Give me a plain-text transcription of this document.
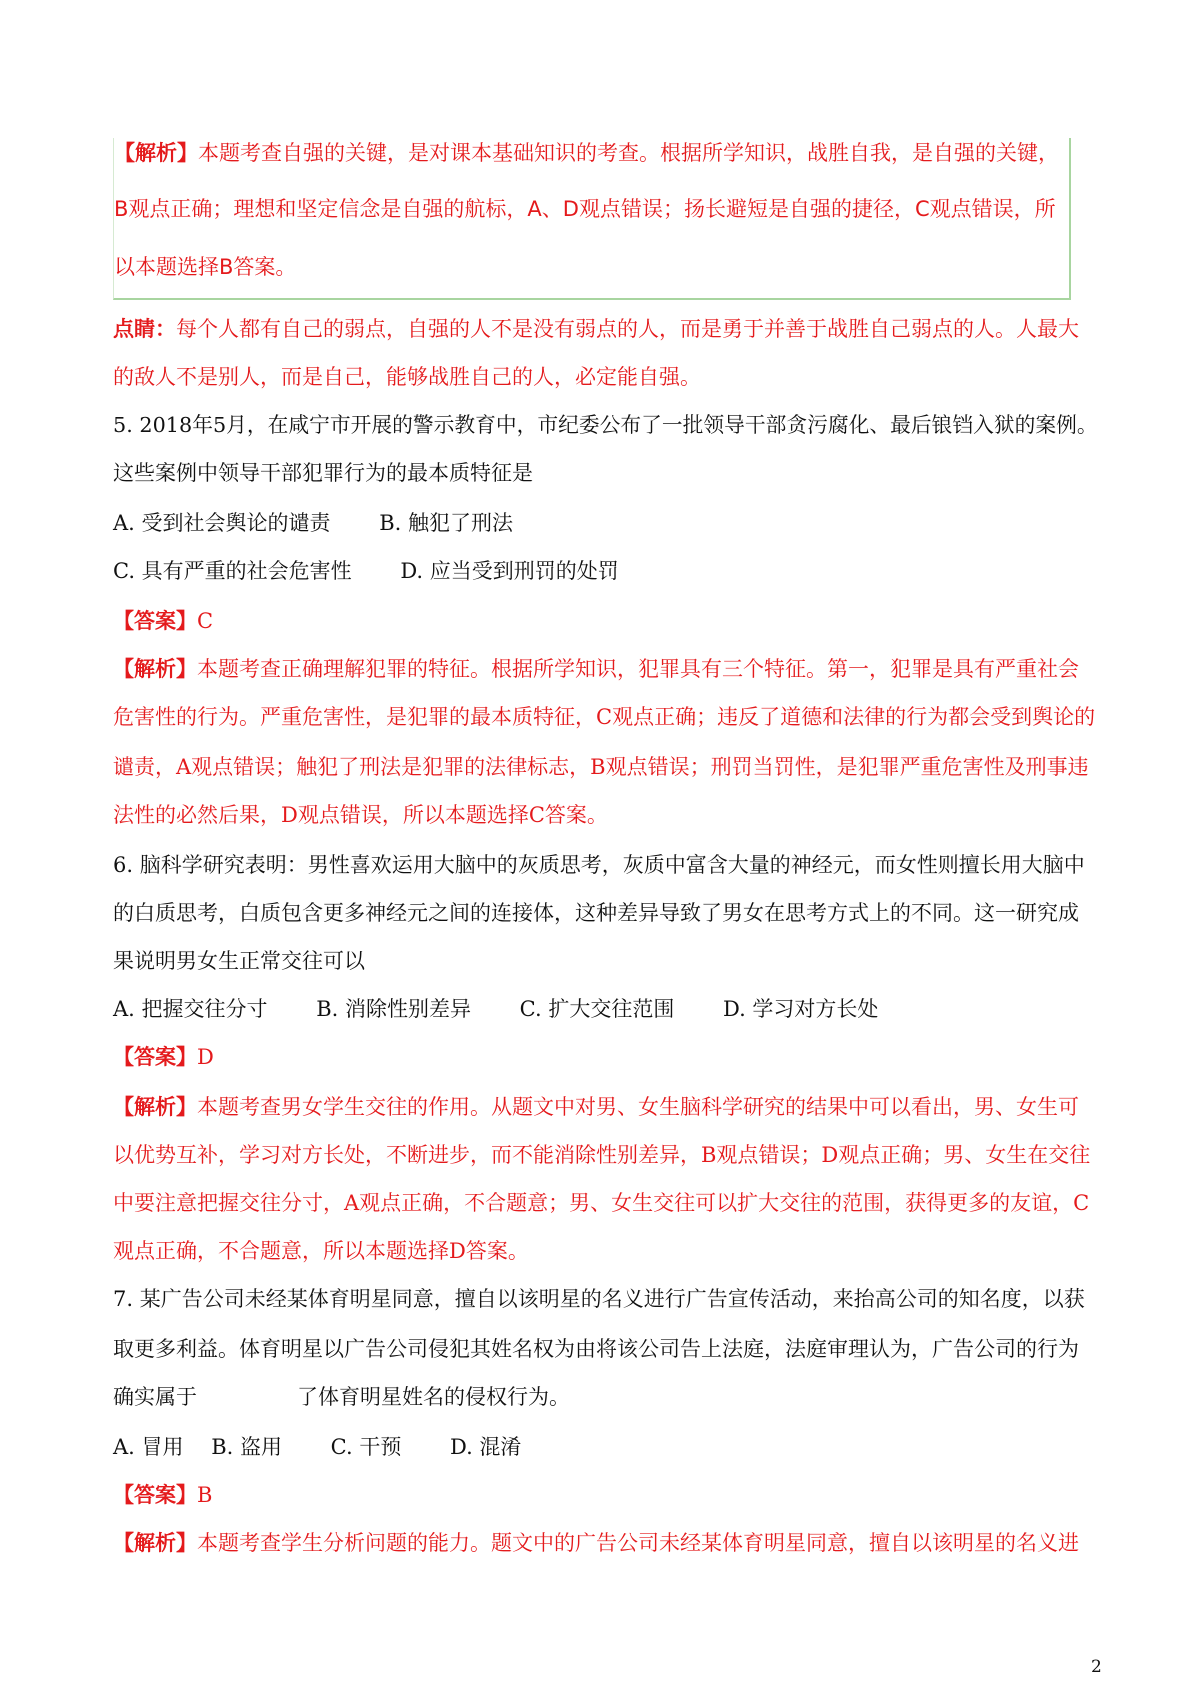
【解析】本题考查自强的关键，是对课本基础知识的考查。根据所学知识，战胜自我，是自强的关键，
B观点正确；理想和坚定信念是自强的航标，A、D观点错误；扬长避短是自强的捷径，C观点错误，所
以本题选择B答案。
点睛：每个人都有自己的弱点，自强的人不是没有弱点的人，而是勇于并善于战胜自己弱点的人。人最大
的敌人不是别人，而是自己，能够战胜自己的人，必定能自强。
5. 2018年5月，在咸宁市开展的警示教育中，市纪委公布了一批领导干部贪污腐化、最后锒铛入狱的案例。
这些案例中领导干部犯罪行为的最本质特征是
A. 受到社会舆论的谴责　　 B. 触犯了刑法
C. 具有严重的社会危害性　　 D. 应当受到刑罚的处罚
【答案】C
【解析】本题考查正确理解犯罪的特征。根据所学知识，犯罪具有三个特征。第一，犯罪是具有严重社会
危害性的行为。严重危害性，是犯罪的最本质特征，C观点正确；违反了道德和法律的行为都会受到舆论的
谴责，A观点错误；触犯了刑法是犯罪的法律标志，B观点错误；刑罚当罚性，是犯罪严重危害性及刑事违
法性的必然后果，D观点错误，所以本题选择C答案。
6. 脑科学研究表明：男性喜欢运用大脑中的灰质思考，灰质中富含大量的神经元，而女性则擅长用大脑中
的白质思考，白质包含更多神经元之间的连接体，这种差异导致了男女在思考方式上的不同。这一研究成
果说明男女生正常交往可以
A. 把握交往分寸　　 B. 消除性别差异　　 C. 扩大交往范围　　 D. 学习对方长处
【答案】D
【解析】本题考查男女学生交往的作用。从题文中对男、女生脑科学研究的结果中可以看出，男、女生可
以优势互补，学习对方长处，不断进步，而不能消除性别差异，B观点错误；D观点正确；男、女生在交往
中要注意把握交往分寸，A观点正确，不合题意；男、女生交往可以扩大交往的范围，获得更多的友谊，C
观点正确，不合题意，所以本题选择D答案。
7. 某广告公司未经某体育明星同意，擅自以该明星的名义进行广告宣传活动，来抬高公司的知名度，以获
取更多利益。体育明星以广告公司侵犯其姓名权为由将该公司告上法庭，法庭审理认为，广告公司的行为
确实属于	了体育明星姓名的侵权行为。
A. 冒用　 B. 盗用　　 C. 干预　　 D. 混淆
【答案】B
【解析】本题考查学生分析问题的能力。题文中的广告公司未经某体育明星同意，擅自以该明星的名义进
2
